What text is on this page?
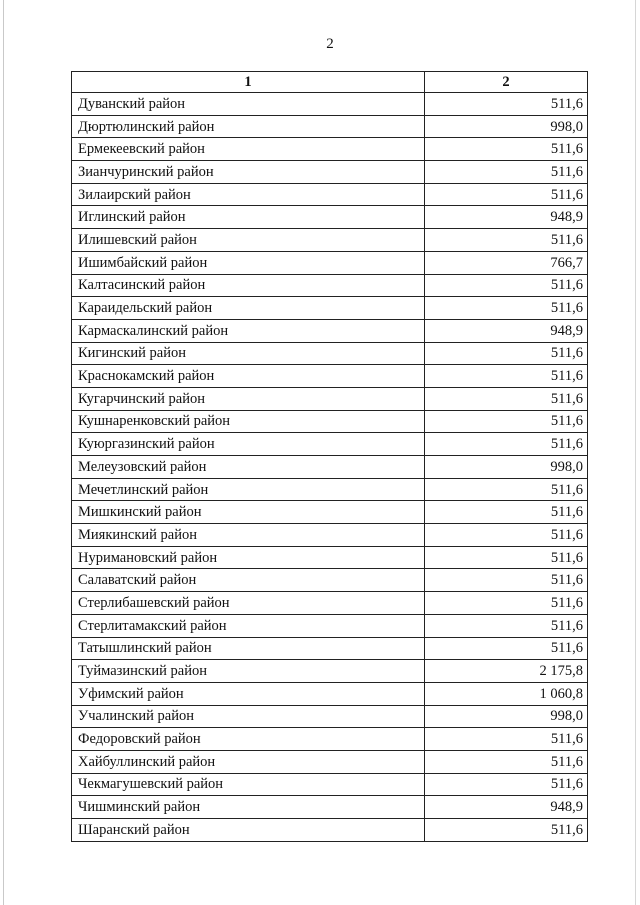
2
1	2
Дуванский район	511,6
Дюртюлинский район	998,0
Ермекеевский район	511,6
Зианчуринский район	511,6
Зилаирский район	511,6
Иглинский район	948,9
Илишевский район	511,6
Ишимбайский район	766,7
Калтасинский район	511,6
Караидельский район	511,6
Кармаскалинский район	948,9
Кигинский район	511,6
Краснокамский район	511,6
Кугарчинский район	511,6
Кушнаренковский район	511,6
Куюргазинский район	511,6
Мелеузовский район	998,0
Мечетлинский район	511,6
Мишкинский район	511,6
Миякинский район	511,6
Нуримановский район	511,6
Салаватский район	511,6
Стерлибашевский район	511,6
Стерлитамакский район	511,6
Татышлинский район	511,6
Туймазинский район	2 175,8
Уфимский район	1 060,8
Учалинский район	998,0
Федоровский район	511,6
Хайбуллинский район	511,6
Чекмагушевский район	511,6
Чишминский район	948,9
Шаранский район	511,6
